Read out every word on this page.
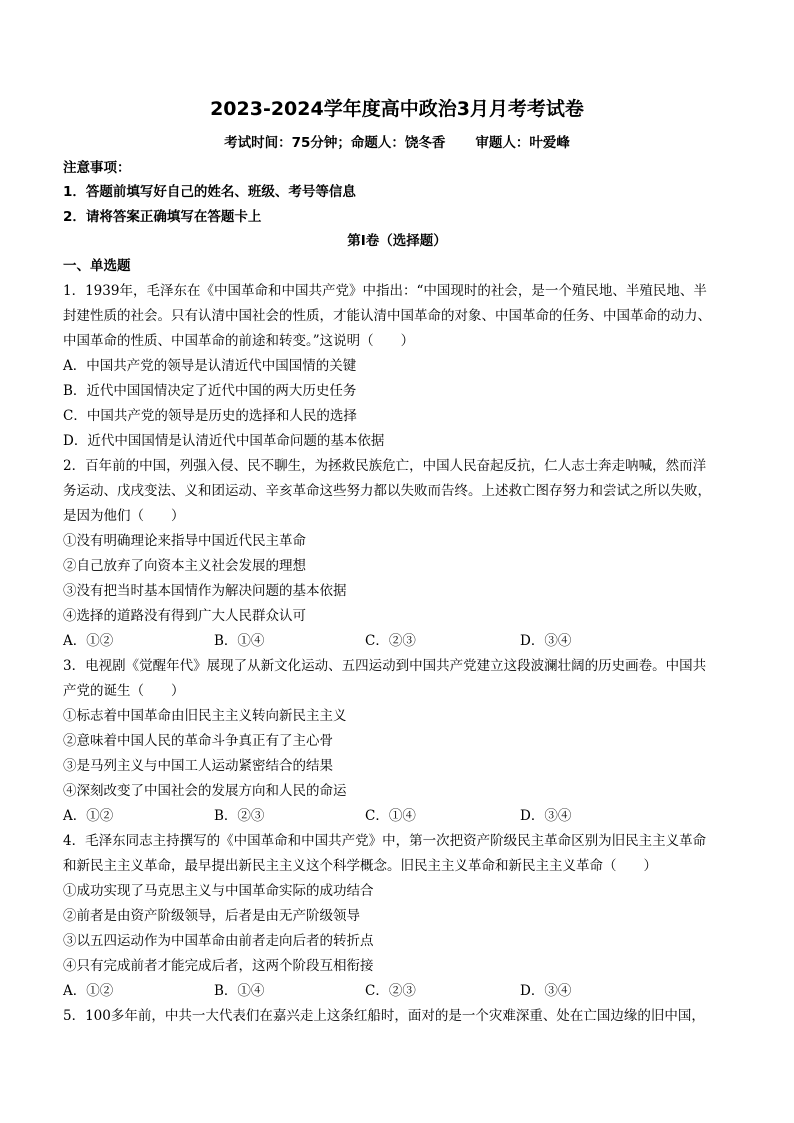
2023-2024学年度高中政治3月月考考试卷
考试时间：75分钟；命题人：饶冬香 审题人：叶爱峰
注意事项：
1．答题前填写好自己的姓名、班级、考号等信息
2．请将答案正确填写在答题卡上
第Ⅰ卷（选择题）
一、单选题
1．1939年，毛泽东在《中国革命和中国共产党》中指出：“中国现时的社会，是一个殖民地、半殖民地、半
封建性质的社会。只有认清中国社会的性质，才能认清中国革命的对象、中国革命的任务、中国革命的动力、
中国革命的性质、中国革命的前途和转变。”这说明（　　）
A．中国共产党的领导是认清近代中国国情的关键
B．近代中国国情决定了近代中国的两大历史任务
C．中国共产党的领导是历史的选择和人民的选择
D．近代中国国情是认清近代中国革命问题的基本依据
2．百年前的中国，列强入侵、民不聊生，为拯救民族危亡，中国人民奋起反抗，仁人志士奔走呐喊，然而洋
务运动、戊戌变法、义和团运动、辛亥革命这些努力都以失败而告终。上述救亡图存努力和尝试之所以失败，
是因为他们（　　）
①没有明确理论来指导中国近代民主革命
②自己放弃了向资本主义社会发展的理想
③没有把当时基本国情作为解决问题的基本依据
④选择的道路没有得到广大人民群众认可
A．①②	B．①④	C．②③	D．③④
3．电视剧《觉醒年代》展现了从新文化运动、五四运动到中国共产党建立这段波澜壮阔的历史画卷。中国共
产党的诞生（　　）
①标志着中国革命由旧民主主义转向新民主主义
②意味着中国人民的革命斗争真正有了主心骨
③是马列主义与中国工人运动紧密结合的结果
④深刻改变了中国社会的发展方向和人民的命运
A．①②	B．②③	C．①④	D．③④
4．毛泽东同志主持撰写的《中国革命和中国共产党》中，第一次把资产阶级民主革命区别为旧民主主义革命
和新民主主义革命，最早提出新民主主义这个科学概念。旧民主主义革命和新民主主义革命（　　）
①成功实现了马克思主义与中国革命实际的成功结合
②前者是由资产阶级领导，后者是由无产阶级领导
③以五四运动作为中国革命由前者走向后者的转折点
④只有完成前者才能完成后者，这两个阶段互相衔接
A．①②	B．①④	C．②③	D．③④
5．100多年前，中共一大代表们在嘉兴走上这条红船时，面对的是一个灾难深重、处在亡国边缘的旧中国，
